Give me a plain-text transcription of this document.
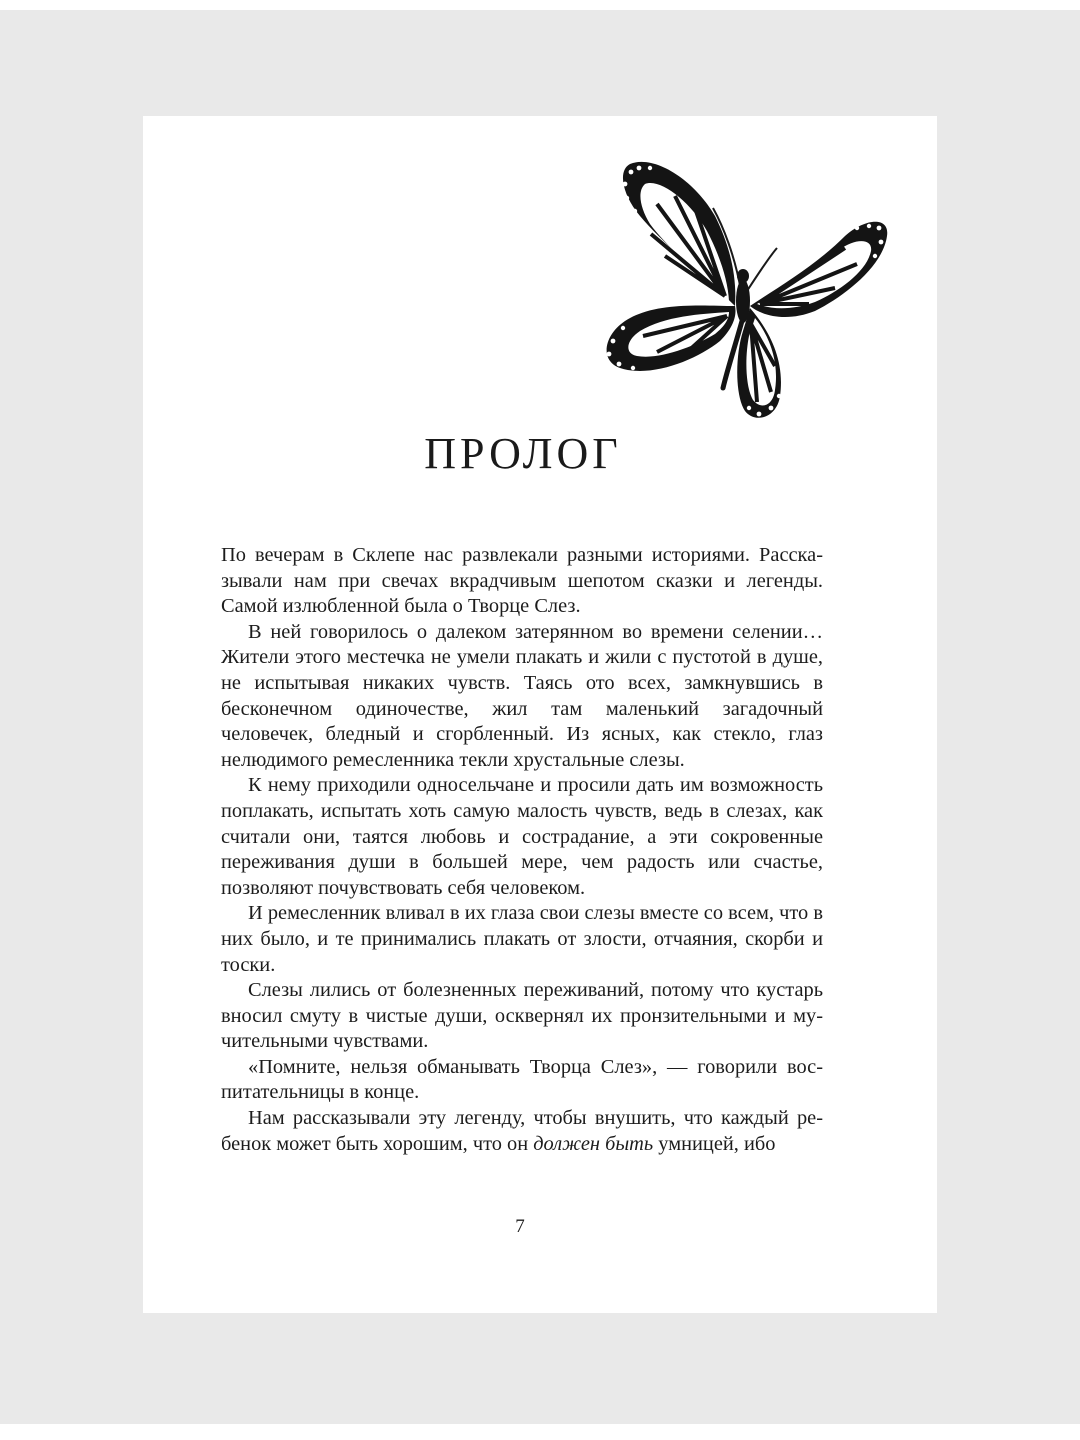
ПРОЛОГ

По вечерам в Склепе нас развлекали разными историями. Рассказывали нам при свечах вкрадчивым шепотом сказки и легенды. Самой излюбленной была о Творце Слез.

В ней говорилось о далеком затерянном во времени селении… Жители этого местечка не умели плакать и жили с пустотой в душе, не испытывая никаких чувств. Таясь ото всех, замкнувшись в бесконечном одиночестве, жил там маленький загадочный человечек, бледный и сгорбленный. Из ясных, как стекло, глаз нелюдимого ремесленника текли хрустальные слезы.

К нему приходили односельчане и просили дать им возможность поплакать, испытать хоть самую малость чувств, ведь в слезах, как считали они, таятся любовь и сострадание, а эти сокровенные переживания души в большей мере, чем радость или счастье, позволяют почувствовать себя человеком.

И ремесленник вливал в их глаза свои слезы вместе со всем, что в них было, и те принимались плакать от злости, отчаяния, скорби и тоски.

Слезы лились от болезненных переживаний, потому что кустарь вносил смуту в чистые души, осквернял их пронзительными и мучительными чувствами.

«Помните, нельзя обманывать Творца Слез», — говорили воспитательницы в конце.

Нам рассказывали эту легенду, чтобы внушить, что каждый ребенок может быть хорошим, что он должен быть умницей, ибо

7
